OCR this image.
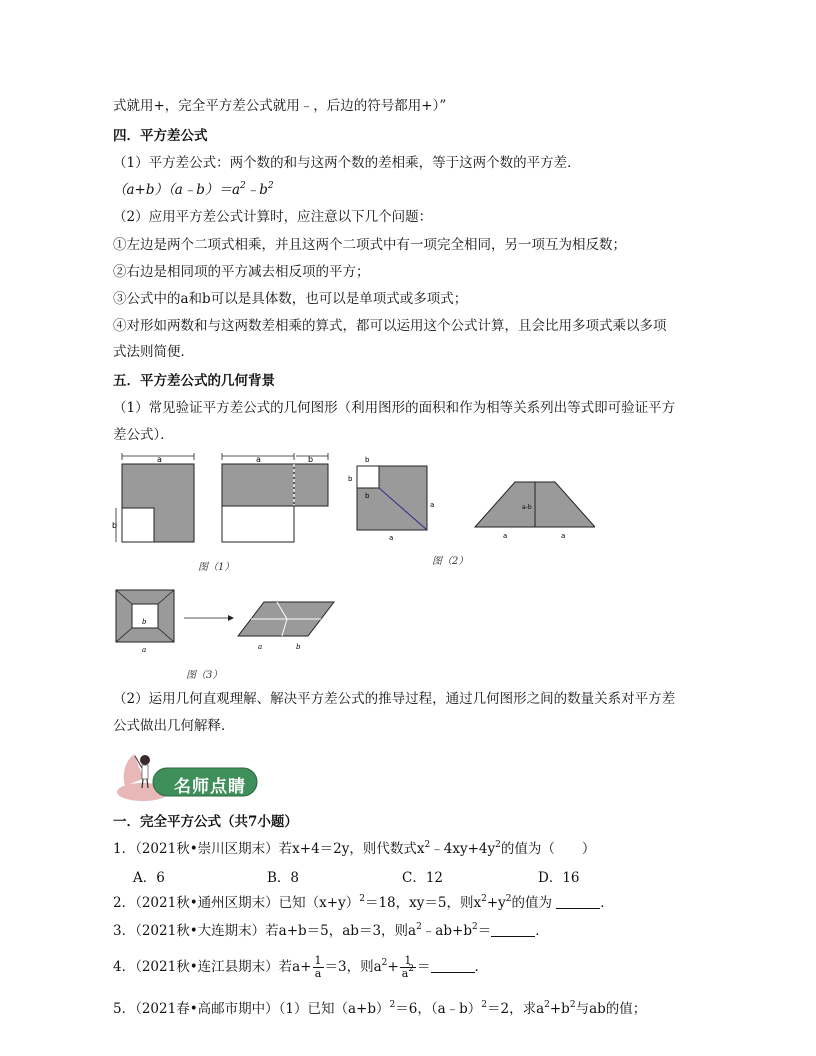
式就用+，完全平方差公式就用﹣，后边的符号都用+）”
四．平方差公式
（1）平方差公式：两个数的和与这两个数的差相乘，等于这两个数的平方差．
$(a+b)(a﹣b)=a^2﹣b^2$
（2）应用平方差公式计算时，应注意以下几个问题：
①左边是两个二项式相乘，并且这两个二项式中有一项完全相同，另一项互为相反数；
②右边是相同项的平方减去相反项的平方；
③公式中的a和b可以是具体数，也可以是单项式或多项式；
④对形如两数和与这两数差相乘的算式，都可以运用这个公式计算，且会比用多项式乘以多项
式法则简便．
五．平方差公式的几何背景
（1）常见验证平方差公式的几何图形（利用图形的面积和作为相等关系列出等式即可验证平方
差公式）．
a
b
a	b
图（1）
b
b
b
a
a
a-b
a	a
图（2）
b
a	a	b
图（3）
（2）运用几何直观理解、解决平方差公式的推导过程，通过几何图形之间的数量关系对平方差
公式做出几何解释．
名师点睛
一．完全平方公式（共7小题）
1．（2021秋•崇川区期末）若x+4＝2y，则代数式$x^2﹣4xy+4y^2$的值为（　　）
A．6	B．8	C．12	D．16
2．（2021秋•通州区期末）已知$(x+y)^2=18$，xy＝5，则$x^2+y^2$的值为	．
3．（2021秋•大连期末）若a+b＝5，ab＝3，则$a^2﹣ab+b^2=$	．
4．（2021秋•连江县期末）若$a+ \frac{1}{a} =3$，则$a^2+ \frac{1}{a^2}$ ＝	．
5．（2021春•高邮市期中）（1）已知$(a+b)^2=6$，（a﹣b）$^2$＝2，求$a^2+b^2$与ab的值；
